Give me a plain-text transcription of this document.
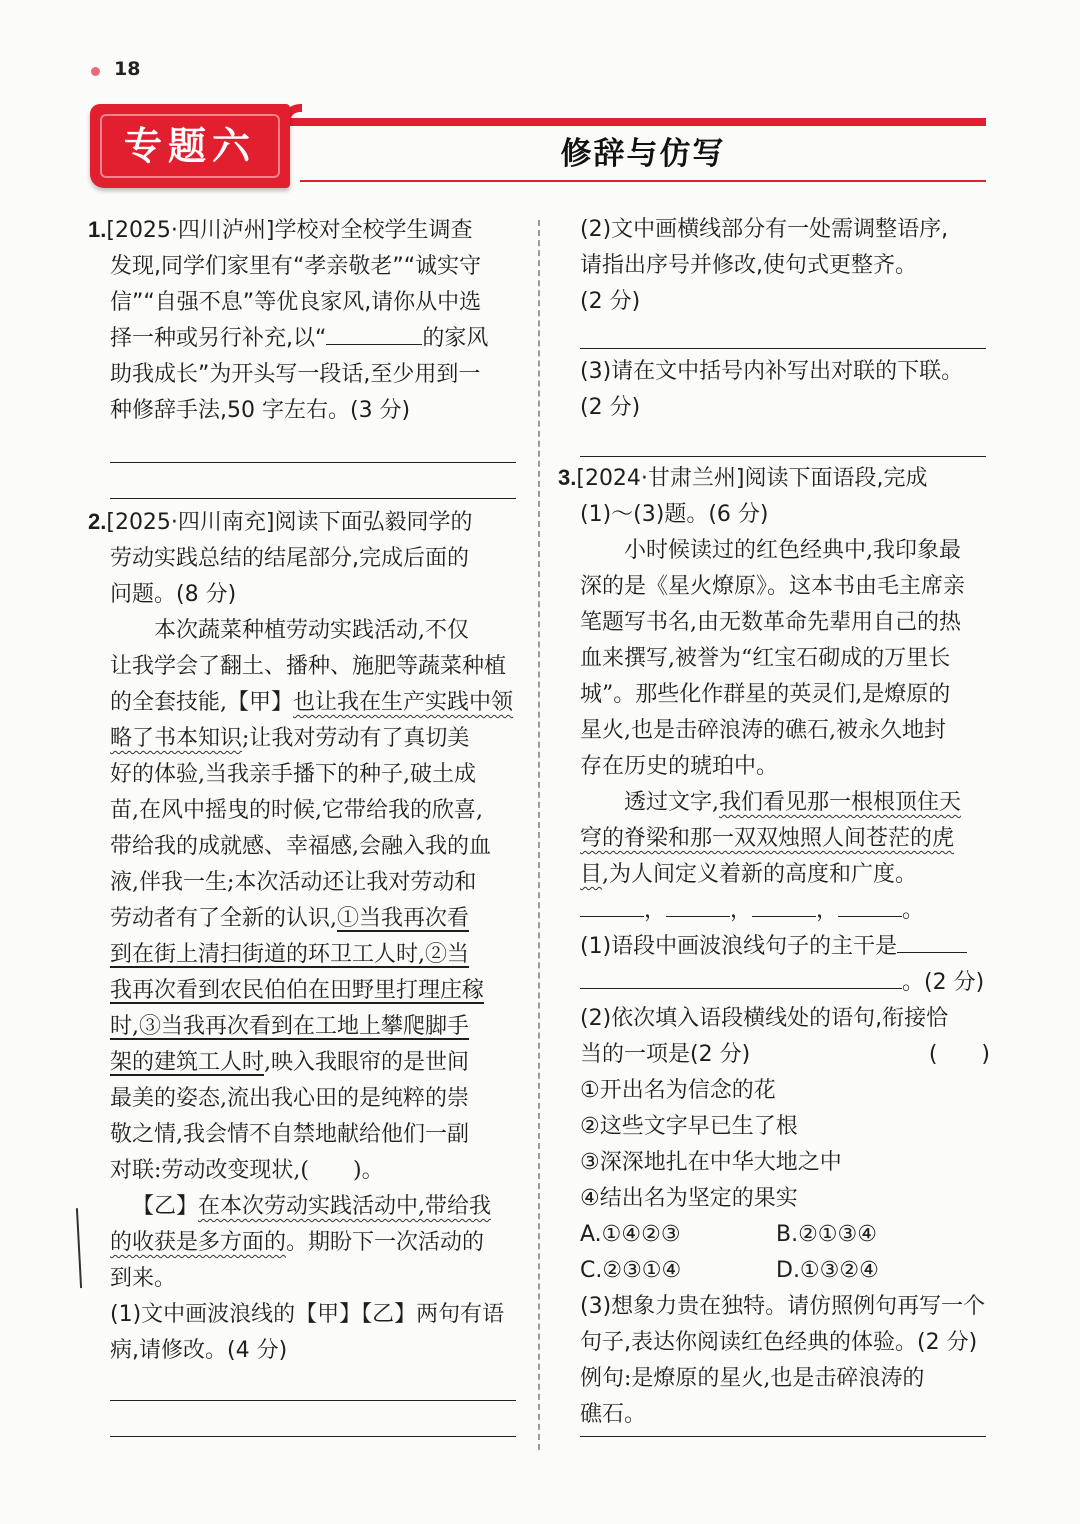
18
专题六	修辞与仿写

1.[2025·四川泸州]学校对全校学生调查

发现,同学们家里有“孝亲敬老”“诚实守

信”“自强不息”等优良家风,请你从中选

择一种或另行补充,以“	的家风

助我成长”为开头写一段话,至少用到一

种修辞手法,50 字左右。(3 分)

2.[2025·四川南充]阅读下面弘毅同学的

劳动实践总结的结尾部分,完成后面的

问题。(8 分)

本次蔬菜种植劳动实践活动,不仅

让我学会了翻土、播种、施肥等蔬菜种植

的全套技能,【甲】也让我在生产实践中领

略了书本知识;让我对劳动有了真切美

好的体验,当我亲手播下的种子,破土成

苗,在风中摇曳的时候,它带给我的欣喜,

带给我的成就感、幸福感,会融入我的血

液,伴我一生;本次活动还让我对劳动和

劳动者有了全新的认识,①当我再次看

到在街上清扫街道的环卫工人时,②当

我再次看到农民伯伯在田野里打理庄稼

时,③当我再次看到在工地上攀爬脚手

架的建筑工人时,映入我眼帘的是世间

最美的姿态,流出我心田的是纯粹的崇

敬之情,我会情不自禁地献给他们一副

对联:劳动改变现状,(　　)。

【乙】在本次劳动实践活动中,带给我

的收获是多方面的。期盼下一次活动的

到来。

(1)文中画波浪线的【甲】【乙】两句有语

病,请修改。(4 分)

(2)文中画横线部分有一处需调整语序,

请指出序号并修改,使句式更整齐。

(2 分)

(3)请在文中括号内补写出对联的下联。

(2 分)

3.[2024·甘肃兰州]阅读下面语段,完成

(1)～(3)题。(6 分)

小时候读过的红色经典中,我印象最

深的是《星火燎原》。这本书由毛主席亲

笔题写书名,由无数革命先辈用自己的热

血来撰写,被誉为“红宝石砌成的万里长

城”。那些化作群星的英灵们,是燎原的

星火,也是击碎浪涛的礁石,被永久地封

存在历史的琥珀中。

透过文字,我们看见那一根根顶住天

穹的脊梁和那一双双烛照人间苍茫的虎

目,为人间定义着新的高度和广度。

，	，	，	。

(1)语段中画波浪线句子的主干是

。(2 分)

(2)依次填入语段横线处的语句,衔接恰

当的一项是(2 分)	(　　)

①开出名为信念的花

②这些文字早已生了根

③深深地扎在中华大地之中

④结出名为坚定的果实

A.①④②③	B.②①③④

C.②③①④	D.①③②④

(3)想象力贵在独特。请仿照例句再写一个

句子,表达你阅读红色经典的体验。(2 分)

例句:是燎原的星火,也是击碎浪涛的

礁石。
